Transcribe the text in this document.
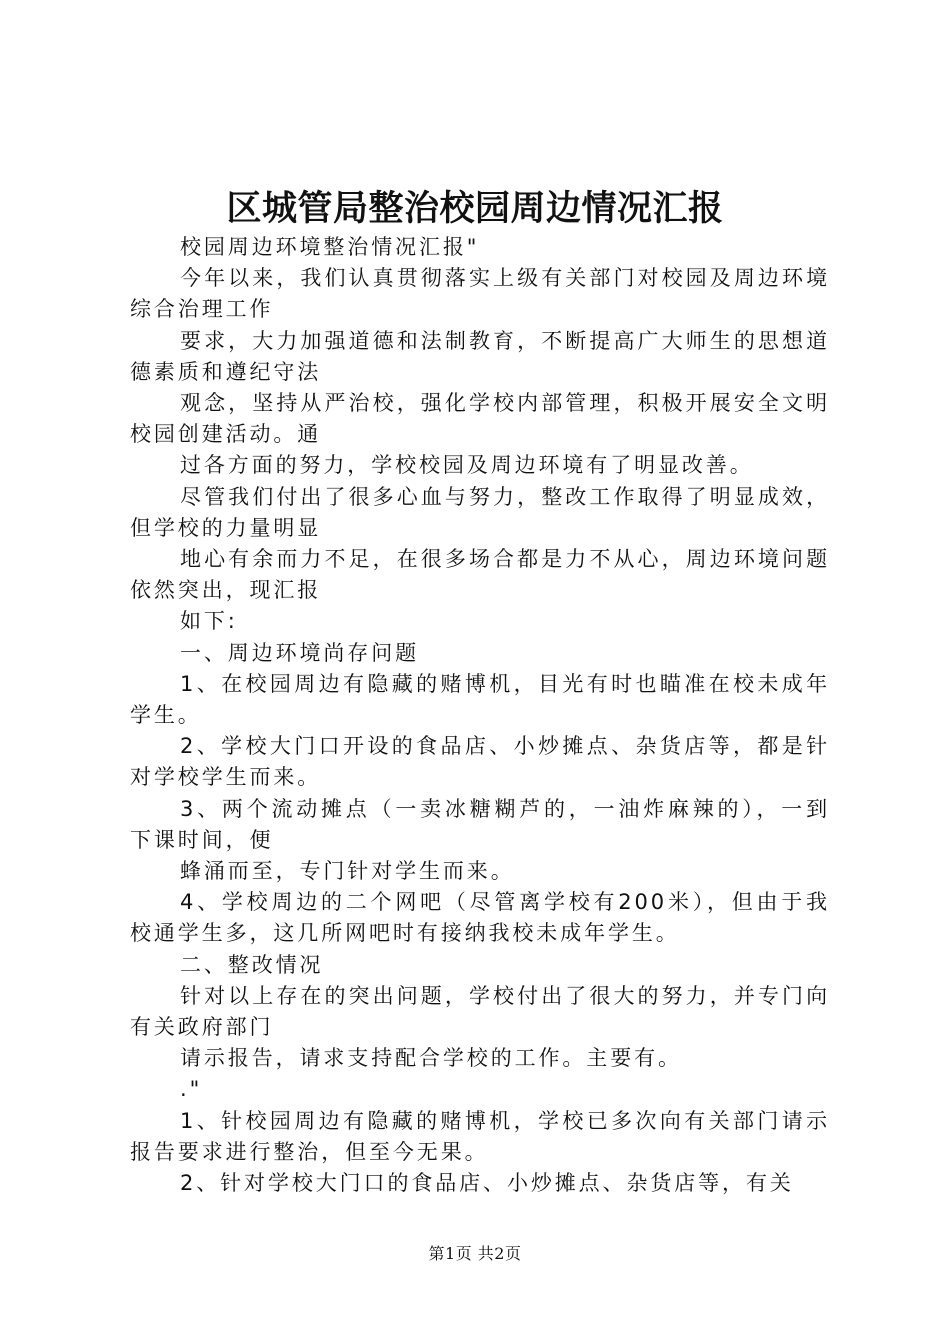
区城管局整治校园周边情况汇报

校园周边环境整治情况汇报"

今年以来，我们认真贯彻落实上级有关部门对校园及周边环境综合治理工作

要求，大力加强道德和法制教育，不断提高广大师生的思想道德素质和遵纪守法

观念，坚持从严治校，强化学校内部管理，积极开展安全文明校园创建活动。通

过各方面的努力，学校校园及周边环境有了明显改善。

尽管我们付出了很多心血与努力，整改工作取得了明显成效，但学校的力量明显

地心有余而力不足，在很多场合都是力不从心，周边环境问题依然突出，现汇报

如下:

一、周边环境尚存问题

1、在校园周边有隐藏的赌博机，目光有时也瞄准在校未成年学生。

2、学校大门口开设的食品店、小炒摊点、杂货店等，都是针对学校学生而来。

3、两个流动摊点（一卖冰糖糊芦的，一油炸麻辣的），一到下课时间，便

蜂涌而至，专门针对学生而来。

4、学校周边的二个网吧（尽管离学校有200米），但由于我校通学生多，这几所网吧时有接纳我校未成年学生。

二、整改情况

针对以上存在的突出问题，学校付出了很大的努力，并专门向有关政府部门

请示报告，请求支持配合学校的工作。主要有。

."

1、针校园周边有隐藏的赌博机，学校已多次向有关部门请示报告要求进行整治，但至今无果。

2、针对学校大门口的食品店、小炒摊点、杂货店等，有关

第1页 共2页
